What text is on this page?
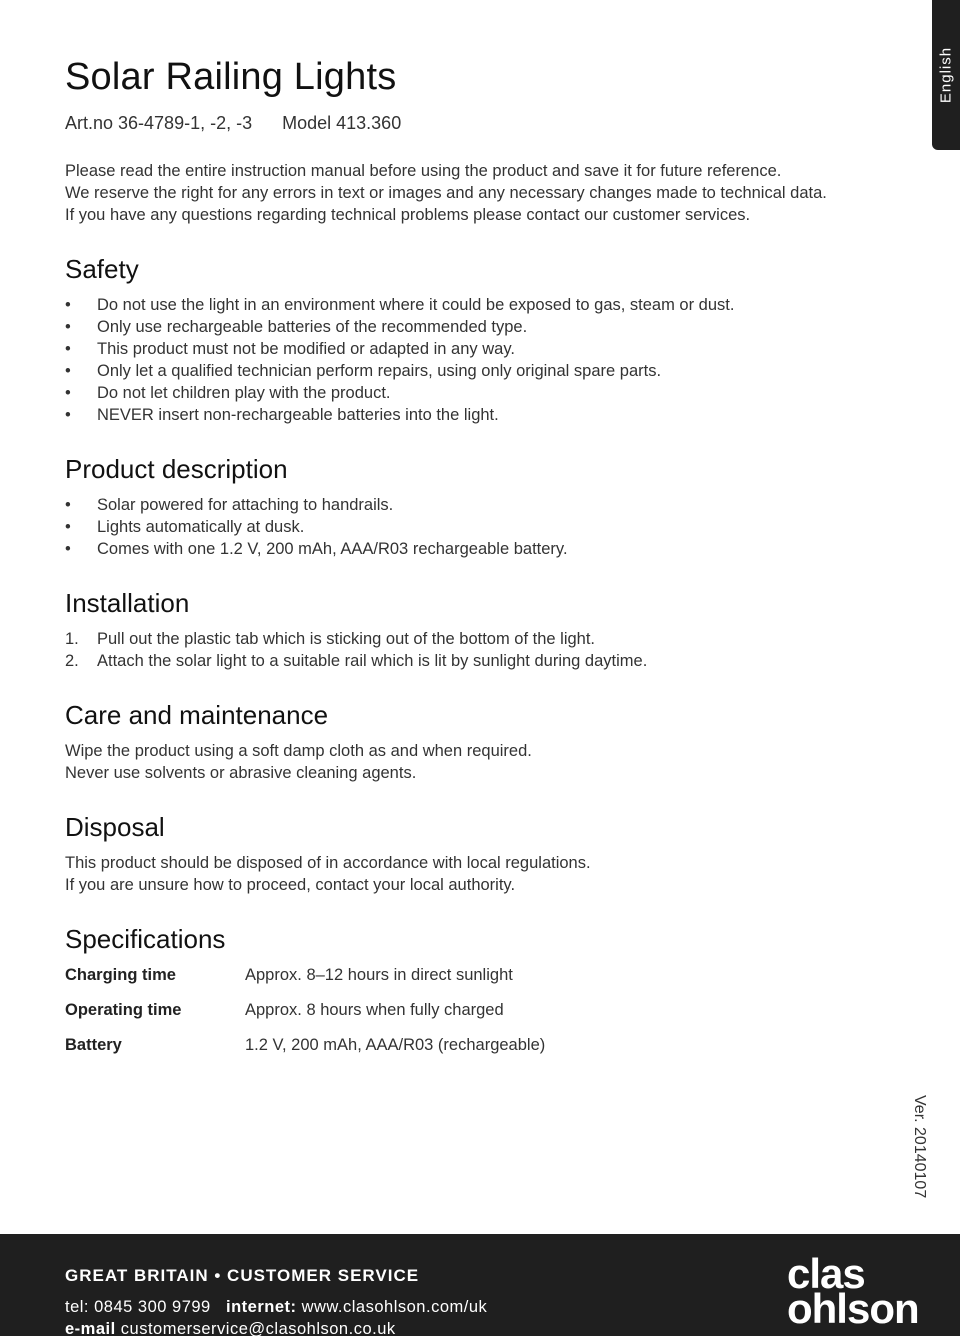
English
Solar Railing Lights
Art.no 36-4789-1, -2, -3 Model 413.360

Please read the entire instruction manual before using the product and save it for future reference.

We reserve the right for any errors in text or images and any necessary changes made to technical data.

If you have any questions regarding technical problems please contact our customer services.

Safety
• Do not use the light in an environment where it could be exposed to gas, steam or dust.
• Only use rechargeable batteries of the recommended type.
• This product must not be modified or adapted in any way.
• Only let a qualified technician perform repairs, using only original spare parts.
• Do not let children play with the product.
• NEVER insert non-rechargeable batteries into the light.
Product description
• Solar powered for attaching to handrails.
• Lights automatically at dusk.
• Comes with one 1.2 V, 200 mAh, AAA/R03 rechargeable battery.
Installation
1. Pull out the plastic tab which is sticking out of the bottom of the light.
2. Attach the solar light to a suitable rail which is lit by sunlight during daytime.
Care and maintenance

Wipe the product using a soft damp cloth as and when required.

Never use solvents or abrasive cleaning agents.

Disposal

This product should be disposed of in accordance with local regulations.

If you are unsure how to proceed, contact your local authority.

Specifications
Charging time	Approx. 8–12 hours in direct sunlight
Operating time	Approx. 8 hours when fully charged
Battery	1.2 V, 200 mAh, AAA/R03 (rechargeable)
Ver. 20140107
GREAT BRITAIN • CUSTOMER SERVICE
tel: 0845 300 9799 internet: www.clasohlson.com/uk
e-mail customerservice@clasohlson.co.uk
clas
ohlson
